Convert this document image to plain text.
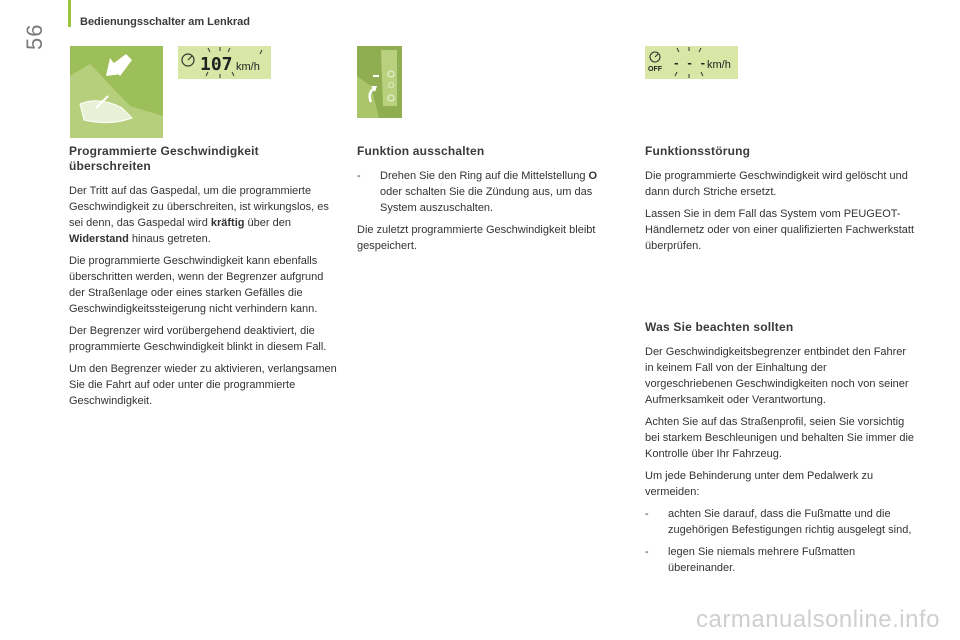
56
Bedienungsschalter am Lenkrad
107 km/h
O
OFF - - - km/h
Programmierte Geschwindigkeit überschreiten

Der Tritt auf das Gaspedal, um die programmierte Geschwindigkeit zu überschreiten, ist wirkungslos, es sei denn, das Gaspedal wird kräftig über den Widerstand hinaus getreten.

Die programmierte Geschwindigkeit kann ebenfalls überschritten werden, wenn der Begrenzer aufgrund der Straßenlage oder eines starken Gefälles die Geschwindigkeitssteigerung nicht verhindern kann.

Der Begrenzer wird vorübergehend deaktiviert, die programmierte Geschwindigkeit blinkt in diesem Fall.

Um den Begrenzer wieder zu aktivieren, verlangsamen Sie die Fahrt auf oder unter die programmierte Geschwindigkeit.

Funktion ausschalten
-	Drehen Sie den Ring auf die Mittelstellung O oder schalten Sie die Zündung aus, um das System auszuschalten.

Die zuletzt programmierte Geschwindigkeit bleibt gespeichert.

Funktionsstörung

Die programmierte Geschwindigkeit wird gelöscht und dann durch Striche ersetzt.

Lassen Sie in dem Fall das System vom PEUGEOT-Händlernetz oder von einer qualifizierten Fachwerkstatt überprüfen.

Was Sie beachten sollten

Der Geschwindigkeitsbegrenzer entbindet den Fahrer in keinem Fall von der Einhaltung der vorgeschriebenen Geschwindigkeiten noch von seiner Aufmerksamkeit oder Verantwortung.

Achten Sie auf das Straßenprofil, seien Sie vorsichtig bei starkem Beschleunigen und behalten Sie immer die Kontrolle über Ihr Fahrzeug.

Um jede Behinderung unter dem Pedalwerk zu vermeiden:

-	achten Sie darauf, dass die Fußmatte und die zugehörigen Befestigungen richtig ausgelegt sind,
-	legen Sie niemals mehrere Fußmatten übereinander.
carmanualsonline.info
